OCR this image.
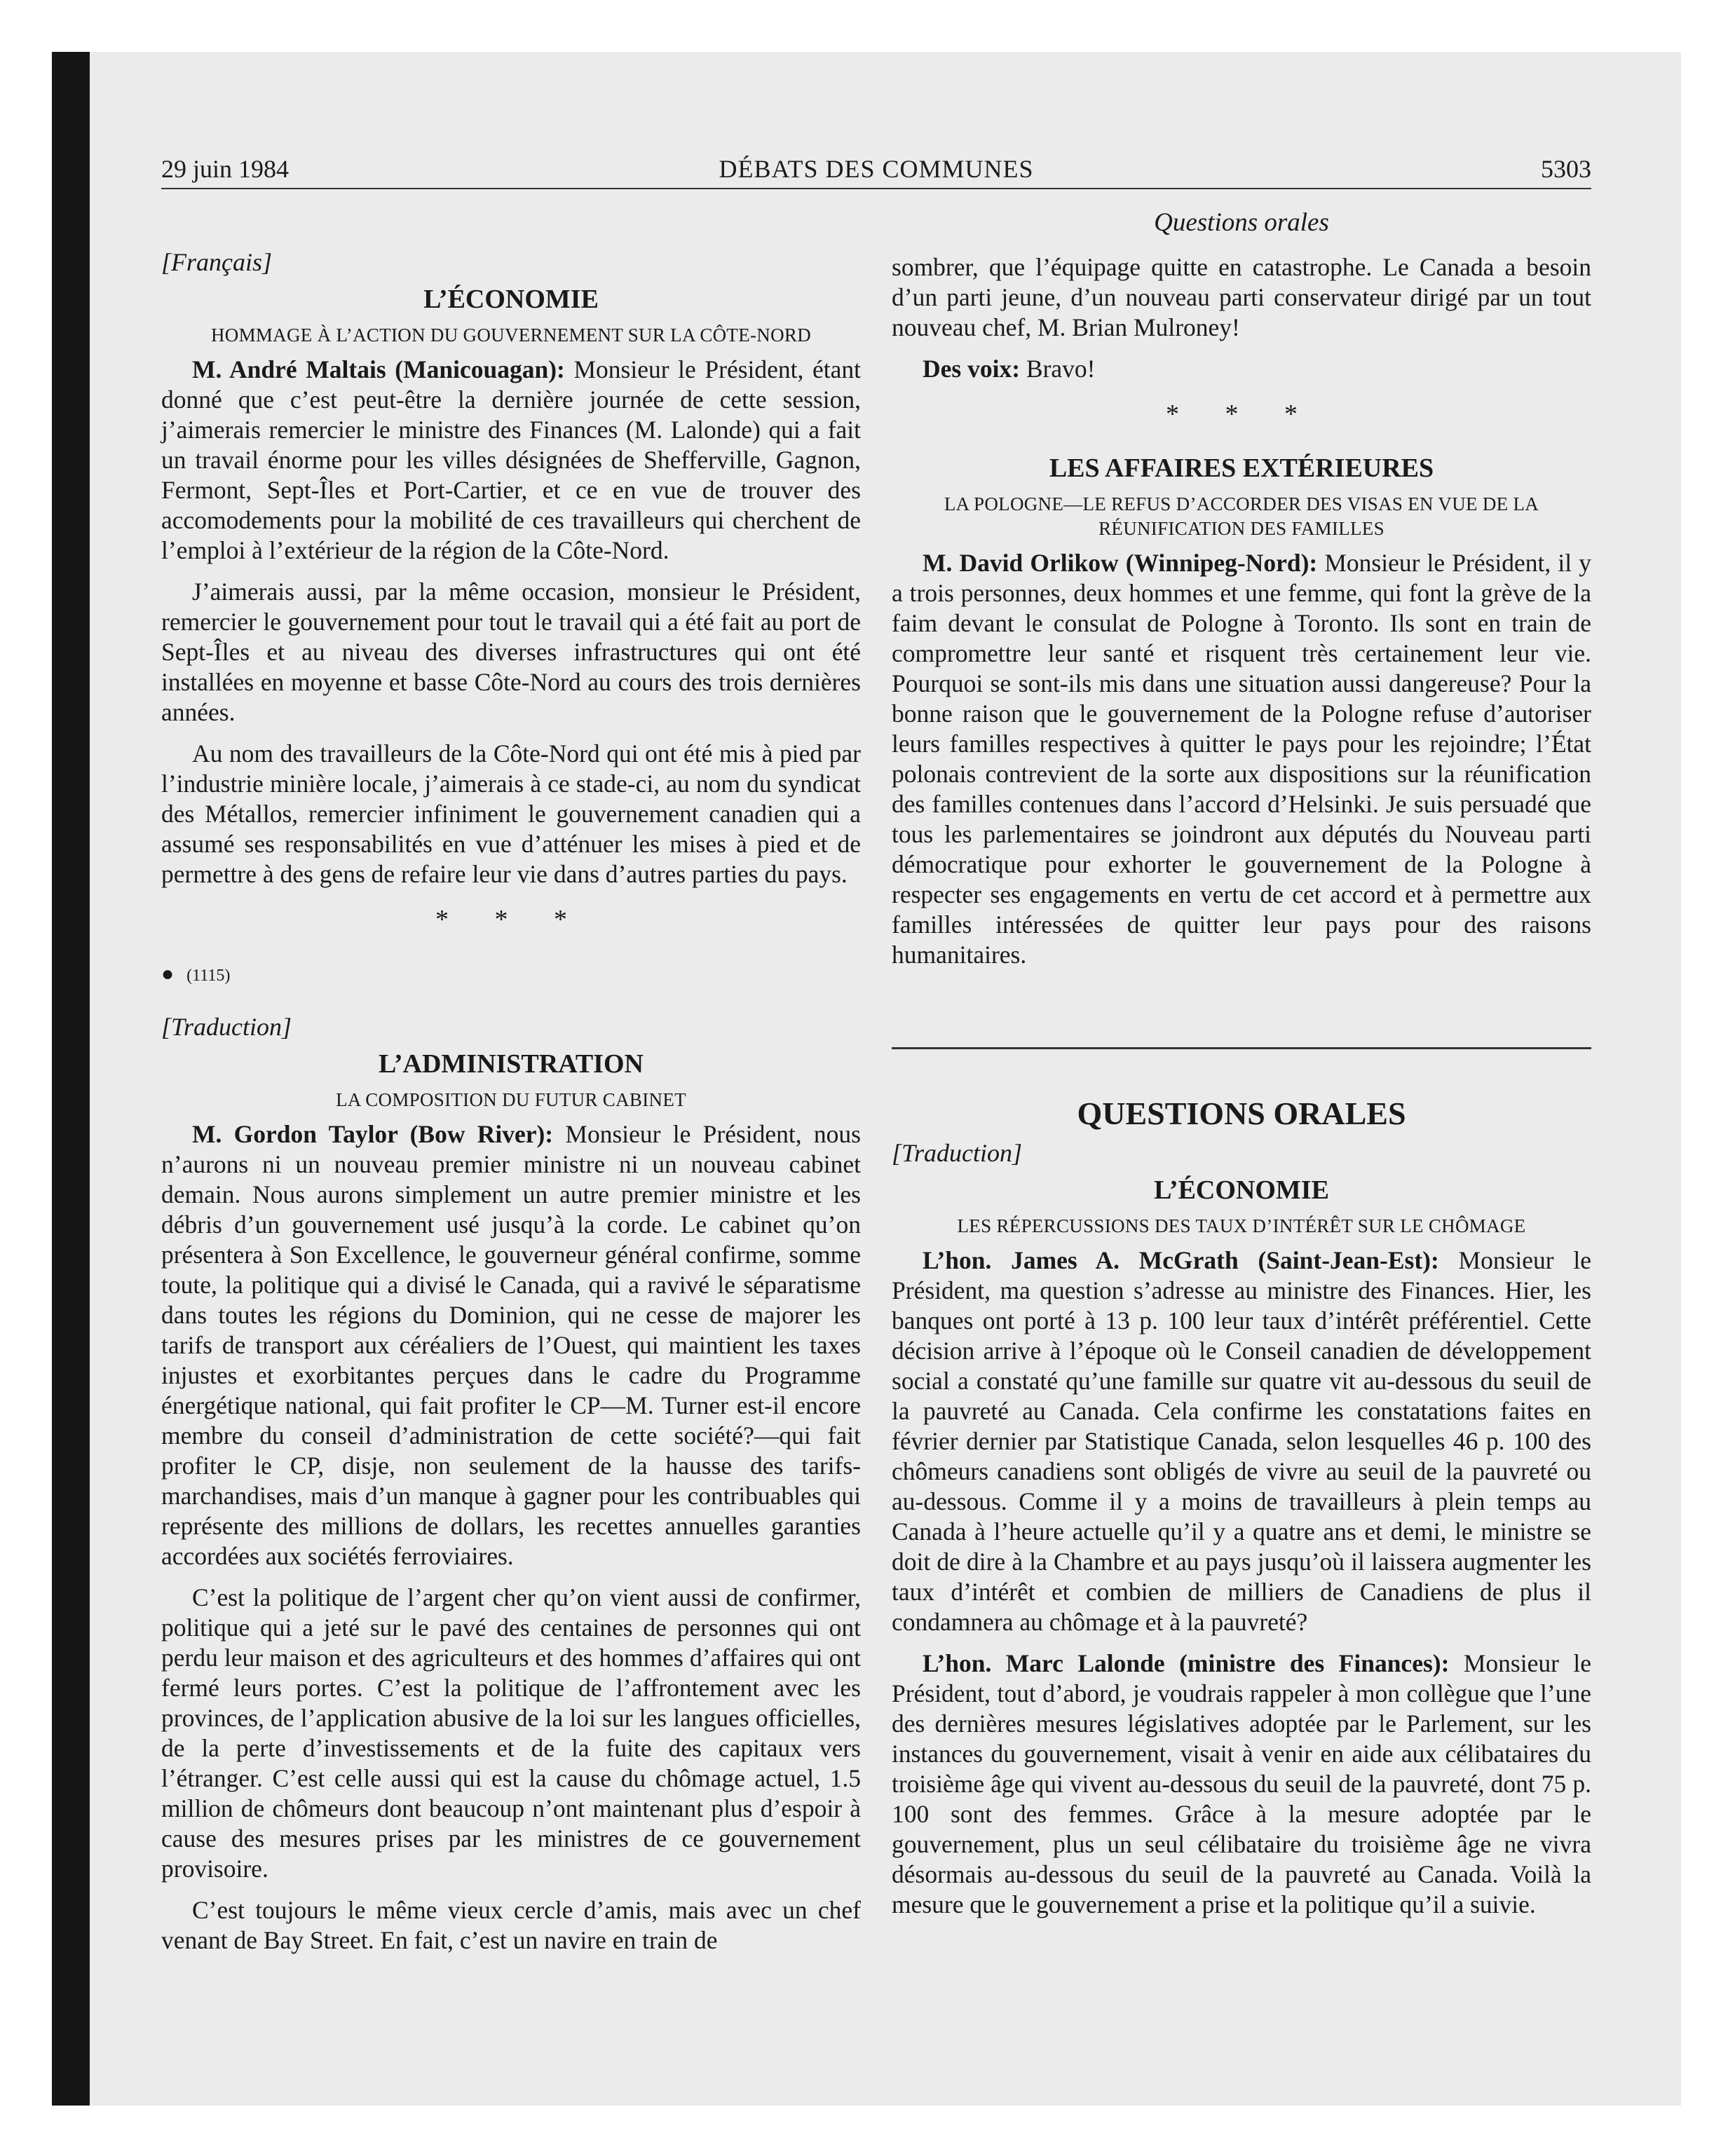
DÉBATS DES COMMUNES
29 juin 1984	5303
Questions orales
[Français]
L’ÉCONOMIE
HOMMAGE À L’ACTION DU GOUVERNEMENT SUR LA CÔTE-NORD

M. André Maltais (Manicouagan): Monsieur le Président, étant donné que c’est peut-être la dernière journée de cette session, j’aimerais remercier le ministre des Finances (M. Lalonde) qui a fait un travail énorme pour les villes désignées de Shefferville, Gagnon, Fermont, Sept-Îles et Port-Cartier, et ce en vue de trouver des accomodements pour la mobilité de ces travailleurs qui cherchent de l’emploi à l’extérieur de la région de la Côte-Nord.

J’aimerais aussi, par la même occasion, monsieur le Président, remercier le gouvernement pour tout le travail qui a été fait au port de Sept-Îles et au niveau des diverses infrastructures qui ont été installées en moyenne et basse Côte-Nord au cours des trois dernières années.

Au nom des travailleurs de la Côte-Nord qui ont été mis à pied par l’industrie minière locale, j’aimerais à ce stade-ci, au nom du syndicat des Métallos, remercier infiniment le gouvernement canadien qui a assumé ses responsabilités en vue d’atténuer les mises à pied et de permettre à des gens de refaire leur vie dans d’autres parties du pays.

* * *
● (1115)
[Traduction]
L’ADMINISTRATION
LA COMPOSITION DU FUTUR CABINET

M. Gordon Taylor (Bow River): Monsieur le Président, nous n’aurons ni un nouveau premier ministre ni un nouveau cabinet demain. Nous aurons simplement un autre premier ministre et les débris d’un gouvernement usé jusqu’à la corde. Le cabinet qu’on présentera à Son Excellence, le gouverneur général confirme, somme toute, la politique qui a divisé le Canada, qui a ravivé le séparatisme dans toutes les régions du Dominion, qui ne cesse de majorer les tarifs de transport aux céréaliers de l’Ouest, qui maintient les taxes injustes et exorbitantes perçues dans le cadre du Programme énergétique national, qui fait profiter le CP—M. Turner est-il encore membre du conseil d’administration de cette société?—qui fait profiter le CP, disje, non seulement de la hausse des tarifs-marchandises, mais d’un manque à gagner pour les contribuables qui représente des millions de dollars, les recettes annuelles garanties accordées aux sociétés ferroviaires.

C’est la politique de l’argent cher qu’on vient aussi de confirmer, politique qui a jeté sur le pavé des centaines de personnes qui ont perdu leur maison et des agriculteurs et des hommes d’affaires qui ont fermé leurs portes. C’est la politique de l’affrontement avec les provinces, de l’application abusive de la loi sur les langues officielles, de la perte d’investissements et de la fuite des capitaux vers l’étranger. C’est celle aussi qui est la cause du chômage actuel, 1.5 million de chômeurs dont beaucoup n’ont maintenant plus d’espoir à cause des mesures prises par les ministres de ce gouvernement provisoire.

C’est toujours le même vieux cercle d’amis, mais avec un chef venant de Bay Street. En fait, c’est un navire en train de

sombrer, que l’équipage quitte en catastrophe. Le Canada a besoin d’un parti jeune, d’un nouveau parti conservateur dirigé par un tout nouveau chef, M. Brian Mulroney!

Des voix: Bravo!

* * *
LES AFFAIRES EXTÉRIEURES
LA POLOGNE—LE REFUS D’ACCORDER DES VISAS EN VUE DE LA RÉUNIFICATION DES FAMILLES

M. David Orlikow (Winnipeg-Nord): Monsieur le Président, il y a trois personnes, deux hommes et une femme, qui font la grève de la faim devant le consulat de Pologne à Toronto. Ils sont en train de compromettre leur santé et risquent très certainement leur vie. Pourquoi se sont-ils mis dans une situation aussi dangereuse? Pour la bonne raison que le gouvernement de la Pologne refuse d’autoriser leurs familles respectives à quitter le pays pour les rejoindre; l’État polonais contrevient de la sorte aux dispositions sur la réunification des familles contenues dans l’accord d’Helsinki. Je suis persuadé que tous les parlementaires se joindront aux députés du Nouveau parti démocratique pour exhorter le gouvernement de la Pologne à respecter ses engagements en vertu de cet accord et à permettre aux familles intéressées de quitter leur pays pour des raisons humanitaires.

QUESTIONS ORALES
[Traduction]
L’ÉCONOMIE
LES RÉPERCUSSIONS DES TAUX D’INTÉRÊT SUR LE CHÔMAGE

L’hon. James A. McGrath (Saint-Jean-Est): Monsieur le Président, ma question s’adresse au ministre des Finances. Hier, les banques ont porté à 13 p. 100 leur taux d’intérêt préférentiel. Cette décision arrive à l’époque où le Conseil canadien de développement social a constaté qu’une famille sur quatre vit au-dessous du seuil de la pauvreté au Canada. Cela confirme les constatations faites en février dernier par Statistique Canada, selon lesquelles 46 p. 100 des chômeurs canadiens sont obligés de vivre au seuil de la pauvreté ou au-dessous. Comme il y a moins de travailleurs à plein temps au Canada à l’heure actuelle qu’il y a quatre ans et demi, le ministre se doit de dire à la Chambre et au pays jusqu’où il laissera augmenter les taux d’intérêt et combien de milliers de Canadiens de plus il condamnera au chômage et à la pauvreté?

L’hon. Marc Lalonde (ministre des Finances): Monsieur le Président, tout d’abord, je voudrais rappeler à mon collègue que l’une des dernières mesures législatives adoptée par le Parlement, sur les instances du gouvernement, visait à venir en aide aux célibataires du troisième âge qui vivent au-dessous du seuil de la pauvreté, dont 75 p. 100 sont des femmes. Grâce à la mesure adoptée par le gouvernement, plus un seul célibataire du troisième âge ne vivra désormais au-dessous du seuil de la pauvreté au Canada. Voilà la mesure que le gouvernement a prise et la politique qu’il a suivie.
